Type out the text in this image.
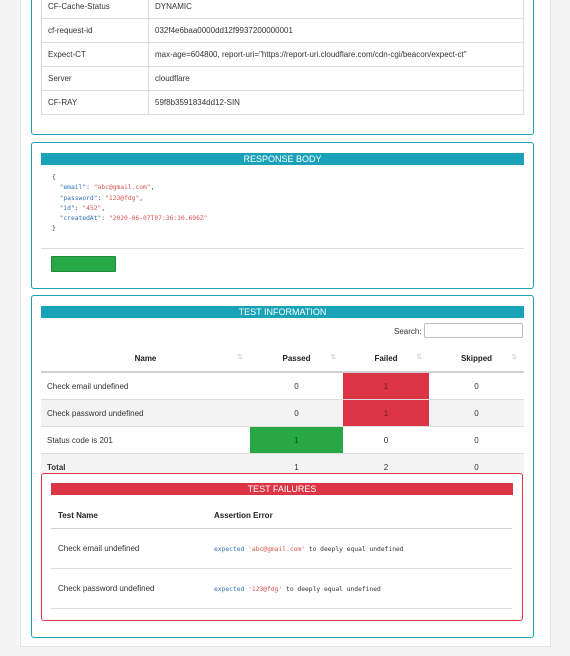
CF-Cache-Status	DYNAMIC
cf-request-id	032f4e6baa0000dd12f9937200000001
Expect-CT	max-age=604800, report-uri="https://report-uri.cloudflare.com/cdn-cgi/beacon/expect-ct"
Server	cloudflare
CF-RAY	59f8b3591834dd12-SIN
RESPONSE BODY
{
"email": "abc@gmail.com",
"password": "123@fdg",
"id": "452",
"createdAt": "2020-06-07T07:36:10.696Z"
}
TEST INFORMATION
Search:
Name ⇅	Passed ⇅	Failed ⇅	Skipped ⇅

Check email undefined	0	1	0
Check password undefined	0	1	0
Status code is 201	1	0	0
Total	1	2	0
TEST FAILURES
Test Name	Assertion Error
Check email undefined	expected 'abc@gmail.com' to deeply equal undefined
Check password undefined	expected '123@fdg' to deeply equal undefined
